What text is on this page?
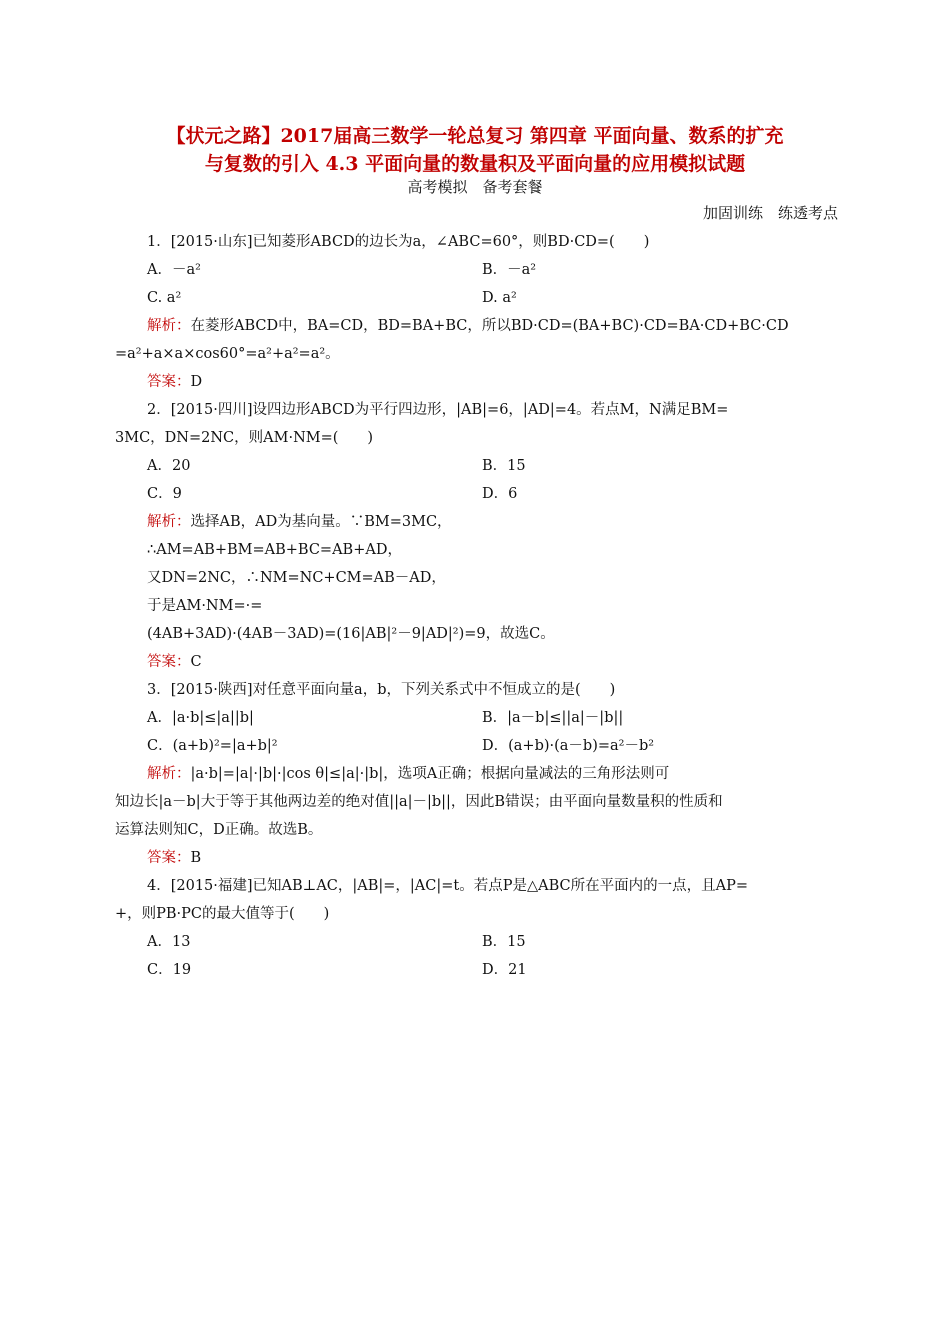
【状元之路】2017届高三数学一轮总复习 第四章 平面向量、数系的扩充
与复数的引入 4.3 平面向量的数量积及平面向量的应用模拟试题
高考模拟　备考套餐
加固训练　练透考点
1．[2015·山东]已知菱形ABCD的边长为a，∠ABC=60°，则BD·CD=(　　)
A．－a²	B．－a²
C. a²	D. a²
解析：在菱形ABCD中，BA=CD，BD=BA+BC，所以BD·CD=(BA+BC)·CD=BA·CD+BC·CD
=a²+a×a×cos60°=a²+a²=a²。
答案：D
2．[2015·四川]设四边形ABCD为平行四边形，|AB|=6，|AD|=4。若点M，N满足BM=
3MC，DN=2NC，则AM·NM=(　　)
A．20	B．15
C．9	D．6
解析：选择AB，AD为基向量。∵BM=3MC，
∴AM=AB+BM=AB+BC=AB+AD，
又DN=2NC，∴NM=NC+CM=AB－AD，
于是AM·NM=·=
(4AB+3AD)·(4AB－3AD)=(16|AB|²－9|AD|²)=9，故选C。
答案：C
3．[2015·陕西]对任意平面向量a，b，下列关系式中不恒成立的是(　　)
A．|a·b|≤|a||b|	B．|a－b|≤||a|－|b||
C．(a+b)²=|a+b|²	D．(a+b)·(a－b)=a²－b²
解析：|a·b|=|a|·|b|·|cos θ|≤|a|·|b|，选项A正确；根据向量减法的三角形法则可
知边长|a－b|大于等于其他两边差的绝对值||a|－|b||，因此B错误；由平面向量数量积的性质和
运算法则知C，D正确。故选B。
答案：B
4．[2015·福建]已知AB⊥AC，|AB|=，|AC|=t。若点P是△ABC所在平面内的一点，且AP=
+，则PB·PC的最大值等于(　　)
A．13	B．15
C．19	D．21
